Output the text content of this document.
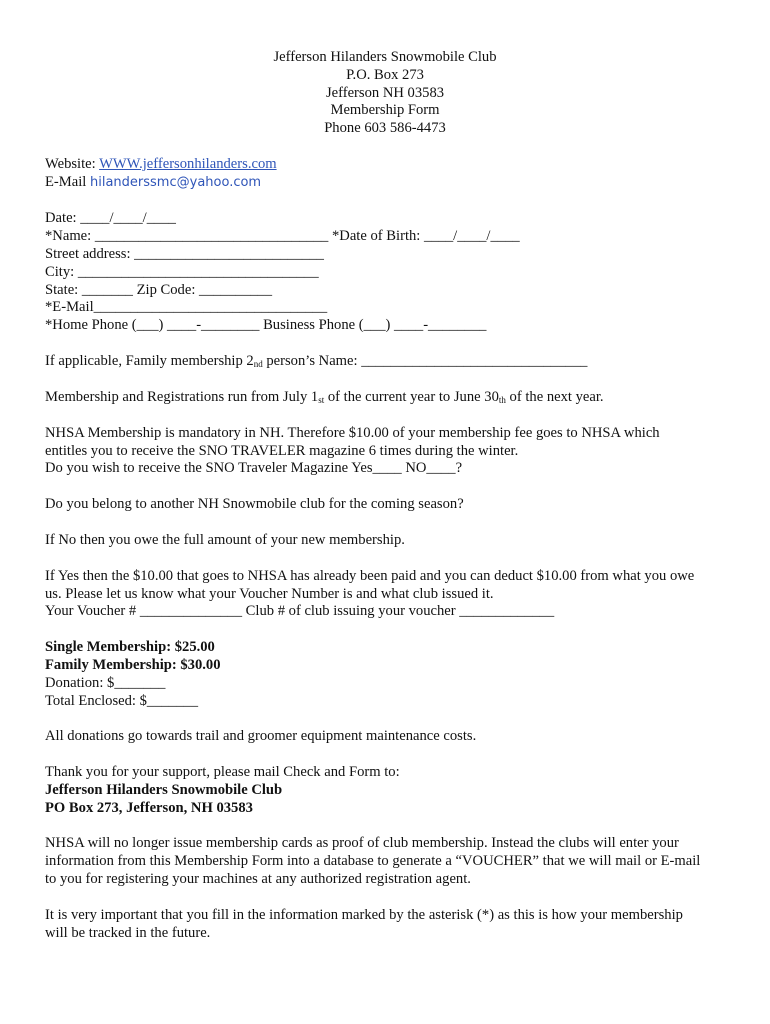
Jefferson Hilanders Snowmobile Club
P.O. Box 273
Jefferson NH 03583
Membership Form
Phone 603 586-4473
Website: WWW.jeffersonhilanders.com
E-Mail hilanderssmc@yahoo.com
Date: ____/____/____
*Name: ________________________________ *Date of Birth: ____/____/____
Street address: __________________________
City: _________________________________
State: _______ Zip Code: __________
*E-Mail________________________________
*Home Phone (___) ____-________ Business Phone (___) ____-________
If applicable, Family membership 2nd person’s Name: _______________________________
Membership and Registrations run from July 1st of the current year to June 30th of the next year.
NHSA Membership is mandatory in NH. Therefore $10.00 of your membership fee goes to NHSA which
entitles you to receive the SNO TRAVELER magazine 6 times during the winter.
Do you wish to receive the SNO Traveler Magazine Yes____ NO____?
Do you belong to another NH Snowmobile club for the coming season?
If No then you owe the full amount of your new membership.
If Yes then the $10.00 that goes to NHSA has already been paid and you can deduct $10.00 from what you owe
us. Please let us know what your Voucher Number is and what club issued it.
Your Voucher # ______________ Club # of club issuing your voucher _____________
Single Membership: $25.00
Family Membership: $30.00
Donation: $_______
Total Enclosed: $_______
All donations go towards trail and groomer equipment maintenance costs.
Thank you for your support, please mail Check and Form to:
Jefferson Hilanders Snowmobile Club
PO Box 273, Jefferson, NH 03583
NHSA will no longer issue membership cards as proof of club membership. Instead the clubs will enter your
information from this Membership Form into a database to generate a “VOUCHER” that we will mail or E-mail
to you for registering your machines at any authorized registration agent.
It is very important that you fill in the information marked by the asterisk (*) as this is how your membership
will be tracked in the future.
